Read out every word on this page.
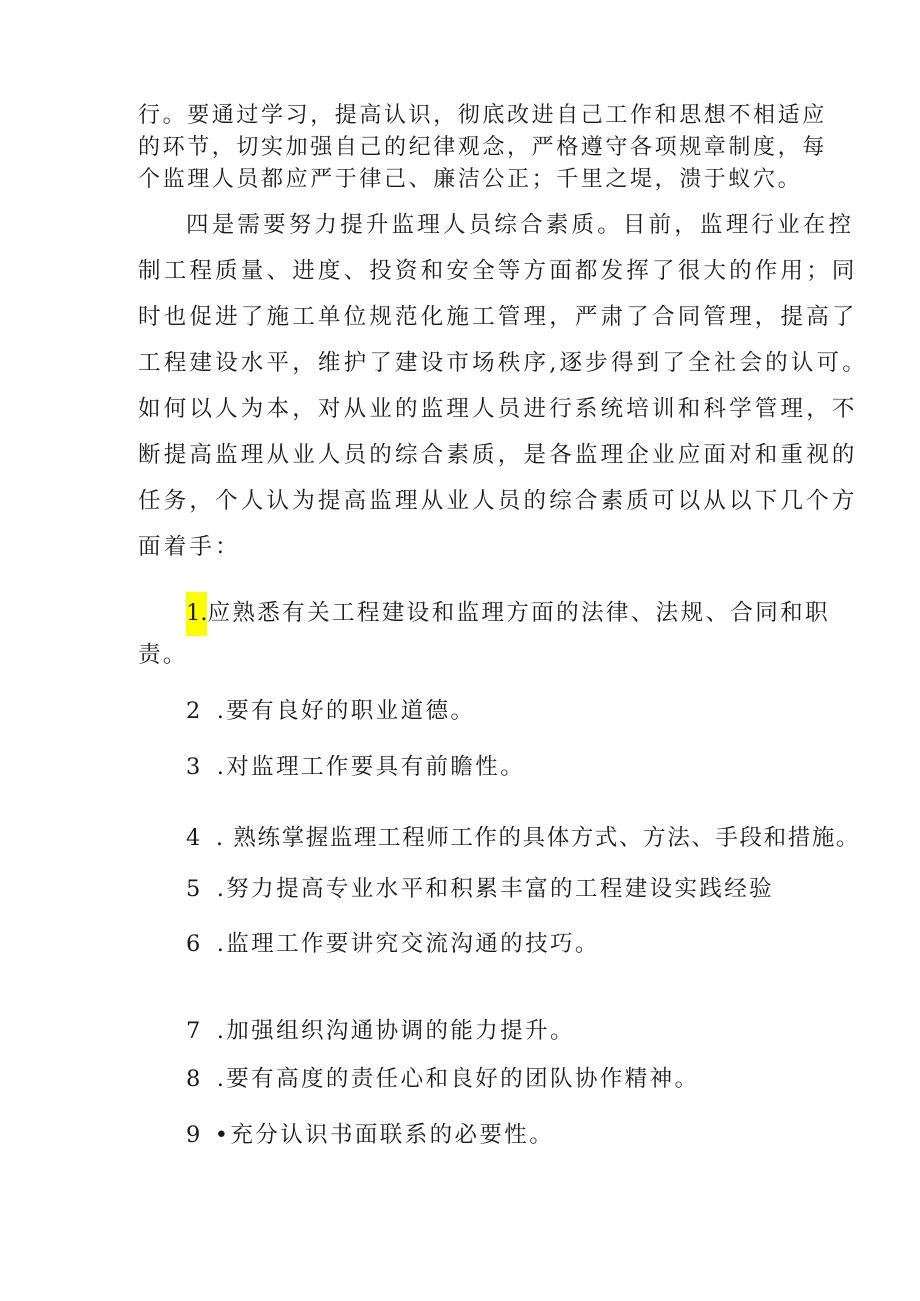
行。要通过学习，提高认识，彻底改进自己工作和思想不相适应
的环节，切实加强自己的纪律观念，严格遵守各项规章制度，每
个监理人员都应严于律己、廉洁公正；千里之堤，溃于蚁穴。
四是需要努力提升监理人员综合素质。目前，监理行业在控
制工程质量、进度、投资和安全等方面都发挥了很大的作用；同
时也促进了施工单位规范化施工管理，严肃了合同管理，提高了
工程建设水平，维护了建设市场秩序,逐步得到了全社会的认可。
如何以人为本，对从业的监理人员进行系统培训和科学管理，不
断提高监理从业人员的综合素质，是各监理企业应面对和重视的
任务，个人认为提高监理从业人员的综合素质可以从以下几个方
面着手：
1.应熟悉有关工程建设和监理方面的法律、法规、合同和职
责。
2 .要有良好的职业道德。
3 .对监理工作要具有前瞻性。
4 . 熟练掌握监理工程师工作的具体方式、方法、手段和措施。
5 .努力提高专业水平和积累丰富的工程建设实践经验
6 .监理工作要讲究交流沟通的技巧。
7 .加强组织沟通协调的能力提升。
8 .要有高度的责任心和良好的团队协作精神。
9 •充分认识书面联系的必要性。
